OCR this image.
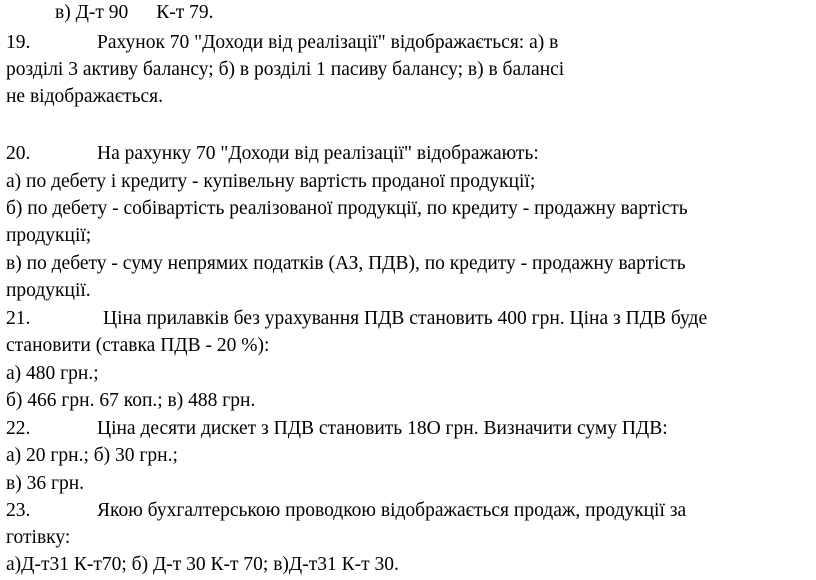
в) Д-т 90 К-т 79.
19.	Рахунок 70 "Доходи від реалізації" відображається: а) в
розділі 3 активу балансу; б) в розділі 1 пасиву балансу; в) в балансі
не відображається.
20.	На рахунку 70 "Доходи від реалізації" відображають:
а) по дебету і кредиту - купівельну вартість проданої продукції;
б) по дебету - собівартість реалізованої продукції, по кредиту - продажну вартість
продукції;
в) по дебету - суму непрямих податків (АЗ, ПДВ), по кредиту - продажну вартість
продукції.
21.	Ціна прилавків без урахування ПДВ становить 400 грн. Ціна з ПДВ буде
становити (ставка ПДВ - 20 %):
а) 480 грн.;
б) 466 грн. 67 коп.; в) 488 грн.
22.	Ціна десяти дискет з ПДВ становить 18О грн. Визначити суму ПДВ:
а) 20 грн.; б) 30 грн.;
в) 36 грн.
23.	Якою бухгалтерською проводкою відображається продаж, продукції за
готівку:
а)Д-т31 К-т70; б) Д-т 30 К-т 70; в)Д-т31 К-т 30.
